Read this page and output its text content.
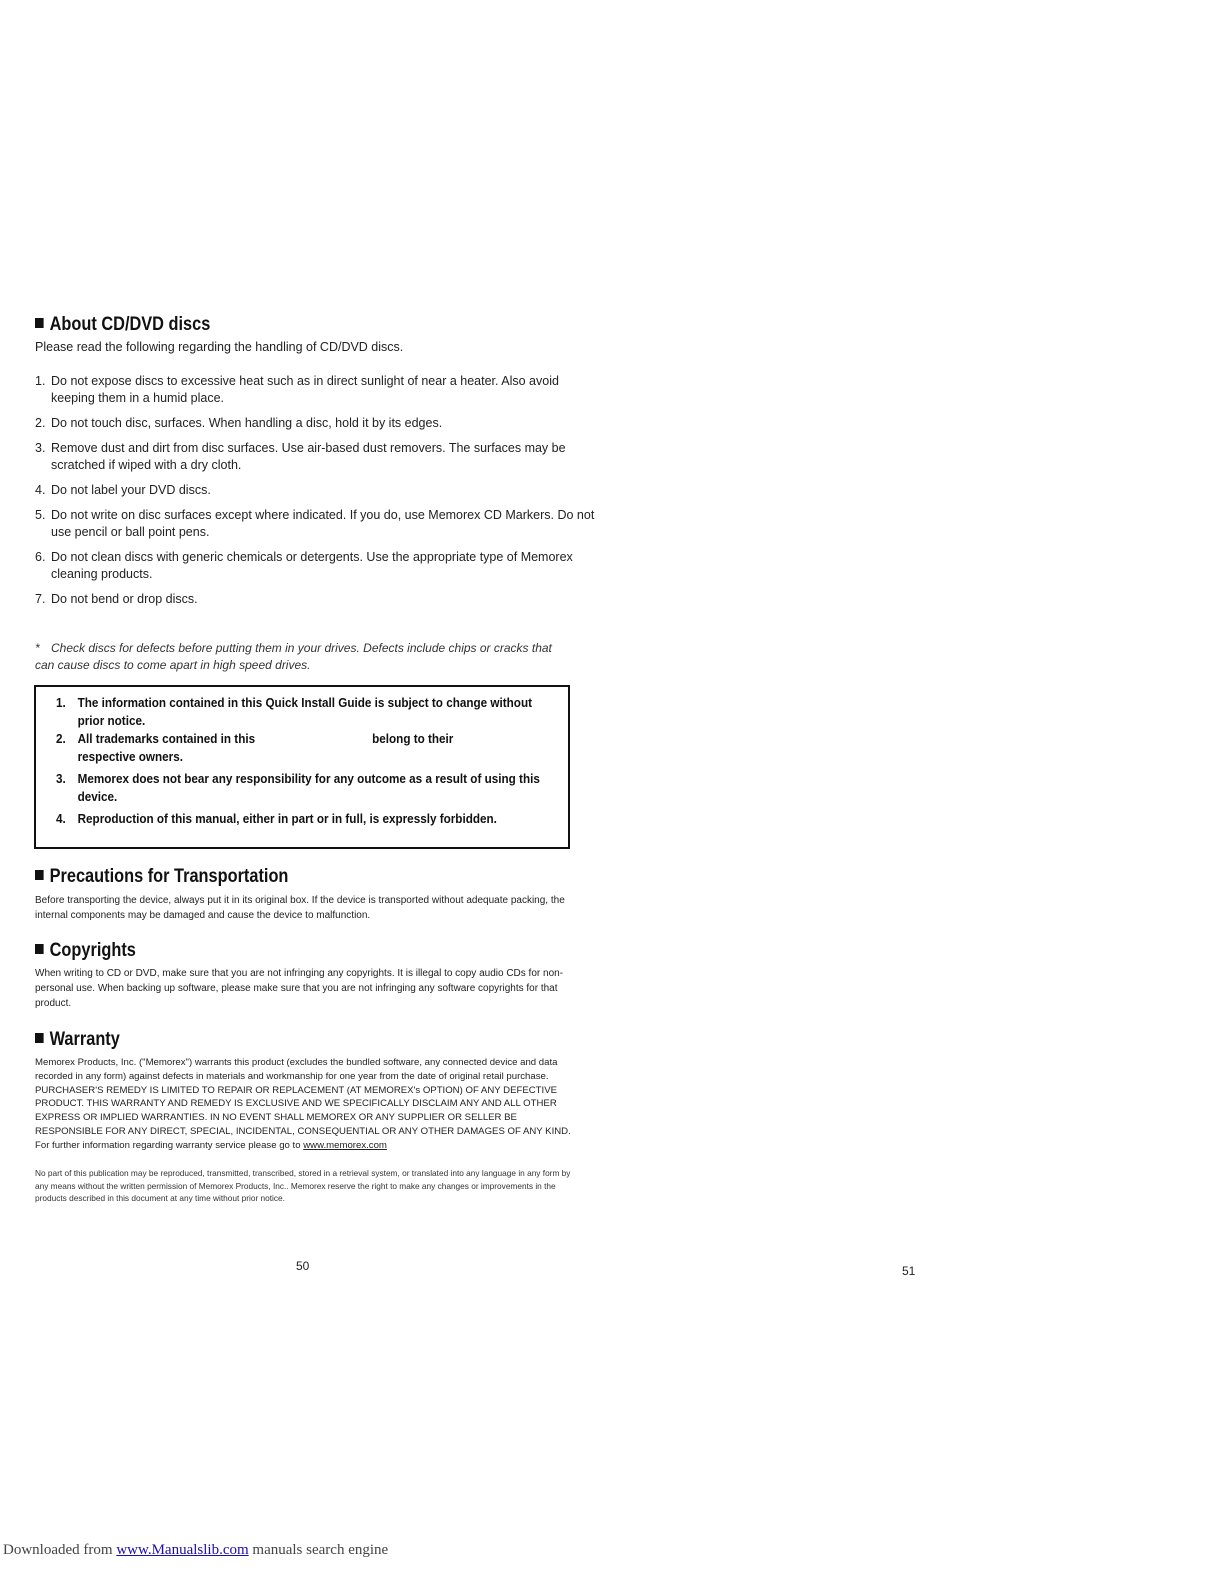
About CD/DVD discs
Please read the following regarding the handling of CD/DVD discs.
1. Do not expose discs to excessive heat such as in direct sunlight of near a heater. Also avoid keeping them in a humid place.
2. Do not touch disc, surfaces. When handling a disc, hold it by its edges.
3. Remove dust and dirt from disc surfaces. Use air-based dust removers. The surfaces may be scratched if wiped with a dry cloth.
4. Do not label your DVD discs.
5. Do not write on disc surfaces except where indicated. If you do, use Memorex CD Markers. Do not use pencil or ball point pens.
6. Do not clean discs with generic chemicals or detergents. Use the appropriate type of Memorex cleaning products.
7. Do not bend or drop discs.
* Check discs for defects before putting them in your drives. Defects include chips or cracks that can cause discs to come apart in high speed drives.
1. The information contained in this Quick Install Guide is subject to change without prior notice.
2. All trademarks contained in this                                    belong to their respective owners.
3. Memorex does not bear any responsibility for any outcome as a result of using this device.
4. Reproduction of this manual, either in part or in full, is expressly forbidden.
Precautions for Transportation
Before transporting the device, always put it in its original box. If the device is transported without adequate packing, the internal components may be damaged and cause the device to malfunction.
Copyrights
When writing to CD or DVD, make sure that you are not infringing any copyrights. It is illegal to copy audio CDs for non-personal use. When backing up software, please make sure that you are not infringing any software copyrights for that product.
Warranty
Memorex Products, Inc. ("Memorex") warrants this product (excludes the bundled software, any connected device and data recorded in any form) against defects in materials and workmanship for one year from the date of original retail purchase. PURCHASER'S REMEDY IS LIMITED TO REPAIR OR REPLACEMENT (AT MEMOREX's OPTION) OF ANY DEFECTIVE PRODUCT. THIS WARRANTY AND REMEDY IS EXCLUSIVE AND WE SPECIFICALLY DISCLAIM ANY AND ALL OTHER EXPRESS OR IMPLIED WARRANTIES. IN NO EVENT SHALL MEMOREX OR ANY SUPPLIER OR SELLER BE RESPONSIBLE FOR ANY DIRECT, SPECIAL, INCIDENTAL, CONSEQUENTIAL OR ANY OTHER DAMAGES OF ANY KIND. For further information regarding warranty service please go to www.memorex.com
No part of this publication may be reproduced, transmitted, transcribed, stored in a retrieval system, or translated into any language in any form by any means without the written permission of Memorex Products, Inc.. Memorex reserve the right to make any changes or improvements in the products described in this document at any time without prior notice.
50	51
Downloaded from www.Manualslib.com manuals search engine
